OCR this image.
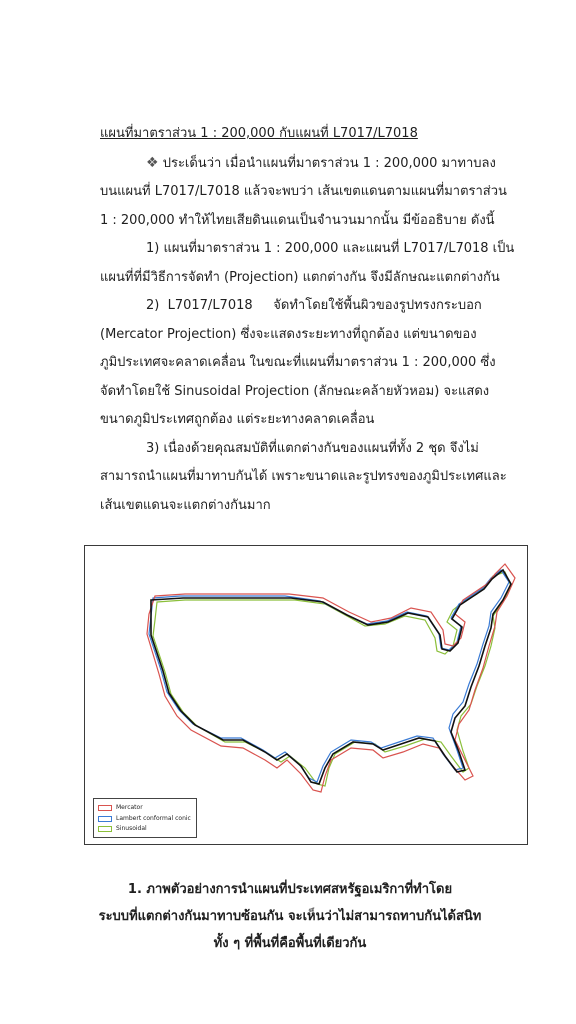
แผนที่มาตราส่วน 1 : 200,000 กับแผนที่ L7017/L7018

❖ ประเด็นว่า เมื่อนำแผนที่มาตราส่วน 1 : 200,000 มาทาบลง

บนแผนที่ L7017/L7018 แล้วจะพบว่า เส้นเขตแดนตามแผนที่มาตราส่วน

1 : 200,000 ทำให้ไทยเสียดินแดนเป็นจำนวนมากนั้น มีข้ออธิบาย ดังนี้

1) แผนที่มาตราส่วน 1 : 200,000 และแผนที่ L7017/L7018 เป็น

แผนที่ที่มีวิธีการจัดทำ (Projection) แตกต่างกัน จึงมีลักษณะแตกต่างกัน

2)  L7017/L7018     จัดทำโดยใช้พื้นผิวของรูปทรงกระบอก

(Mercator Projection) ซึ่งจะแสดงระยะทางที่ถูกต้อง แต่ขนาดของ

ภูมิประเทศจะคลาดเคลื่อน ในขณะที่แผนที่มาตราส่วน 1 : 200,000 ซึ่ง

จัดทำโดยใช้ Sinusoidal Projection (ลักษณะคล้ายหัวหอม) จะแสดง

ขนาดภูมิประเทศถูกต้อง แต่ระยะทางคลาดเคลื่อน

3) เนื่องด้วยคุณสมบัติที่แตกต่างกันของแผนที่ทั้ง 2 ชุด จึงไม่

สามารถนำแผนที่มาทาบกันได้ เพราะขนาดและรูปทรงของภูมิประเทศและ

เส้นเขตแดนจะแตกต่างกันมาก

Mercator
Lambert conformal conic
Sinusoidal
1. ภาพตัวอย่างการนำแผนที่ประเทศสหรัฐอเมริกาที่ทำโดย
ระบบที่แตกต่างกันมาทาบซ้อนกัน จะเห็นว่าไม่สามารถทาบกันได้สนิท
ทั้ง ๆ ที่พื้นที่คือพื้นที่เดียวกัน
